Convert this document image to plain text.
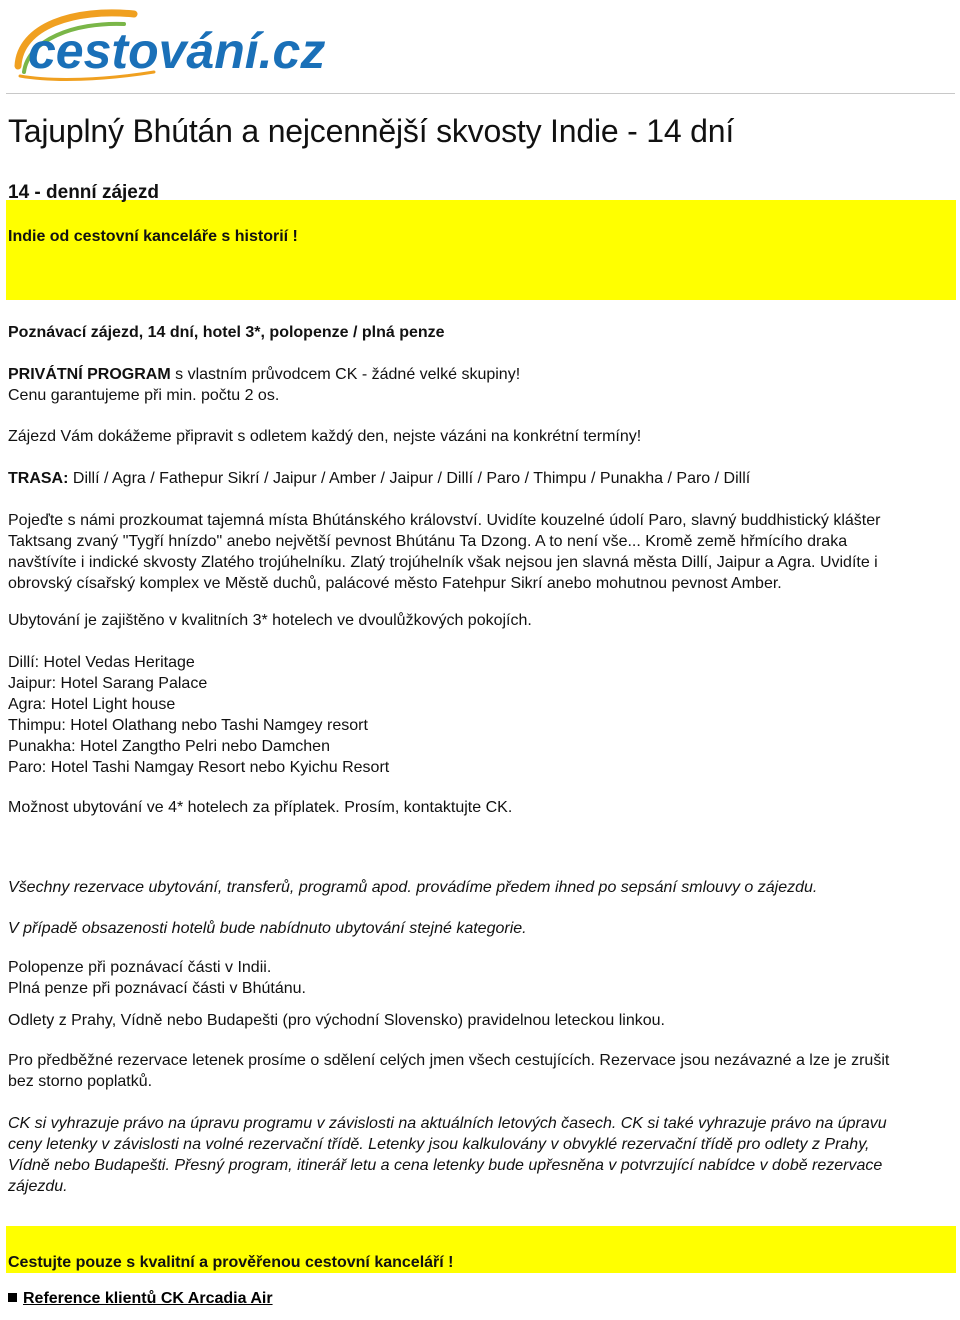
cestování.cz
Tajuplný Bhútán a nejcennější skvosty Indie - 14 dní

14 - denní zájezd

Indie od cestovní kanceláře s historií !

Poznávací zájezd, 14 dní, hotel 3*, polopenze / plná penze

PRIVÁTNÍ PROGRAM s vlastním průvodcem CK - žádné velké skupiny!

Cenu garantujeme při min. počtu 2 os.

Zájezd Vám dokážeme připravit s odletem každý den, nejste vázáni na konkrétní termíny!

TRASA: Dillí / Agra / Fathepur Sikrí / Jaipur / Amber / Jaipur / Dillí / Paro / Thimpu / Punakha / Paro / Dillí

Pojeďte s námi prozkoumat tajemná místa Bhútánského království. Uvidíte kouzelné údolí Paro, slavný buddhistický klášter
Taktsang zvaný "Tygří hnízdo" anebo největší pevnost Bhútánu Ta Dzong. A to není vše... Kromě země hřmícího draka
navštívíte i indické skvosty Zlatého trojúhelníku. Zlatý trojúhelník však nejsou jen slavná města Dillí, Jaipur a Agra. Uvidíte i
obrovský císařský komplex ve Městě duchů, palácové město Fatehpur Sikrí anebo mohutnou pevnost Amber.

Ubytování je zajištěno v kvalitních 3* hotelech ve dvoulůžkových pokojích.

Dillí: Hotel Vedas Heritage
Jaipur: Hotel Sarang Palace
Agra: Hotel Light house
Thimpu: Hotel Olathang nebo Tashi Namgey resort
Punakha: Hotel Zangtho Pelri nebo Damchen
Paro: Hotel Tashi Namgay Resort nebo Kyichu Resort

Možnost ubytování ve 4* hotelech za příplatek. Prosím, kontaktujte CK.

Všechny rezervace ubytování, transferů, programů apod. provádíme předem ihned po sepsání smlouvy o zájezdu.

V případě obsazenosti hotelů bude nabídnuto ubytování stejné kategorie.

Polopenze při poznávací části v Indii.
Plná penze při poznávací části v Bhútánu.

Odlety z Prahy, Vídně nebo Budapešti (pro východní Slovensko) pravidelnou leteckou linkou.

Pro předběžné rezervace letenek prosíme o sdělení celých jmen všech cestujících. Rezervace jsou nezávazné a lze je zrušit
bez storno poplatků.
CK si vyhrazuje právo na úpravu programu v závislosti na aktuálních letových časech. CK si také vyhrazuje právo na úpravu
ceny letenky v závislosti na volné rezervační třídě. Letenky jsou kalkulovány v obvyklé rezervační třídě pro odlety z Prahy,
Vídně nebo Budapešti. Přesný program, itinerář letu a cena letenky bude upřesněna v potvrzující nabídce v době rezervace
zájezdu.

Cestujte pouze s kvalitní a prověřenou cestovní kanceláří !

Reference klientů CK Arcadia Air
